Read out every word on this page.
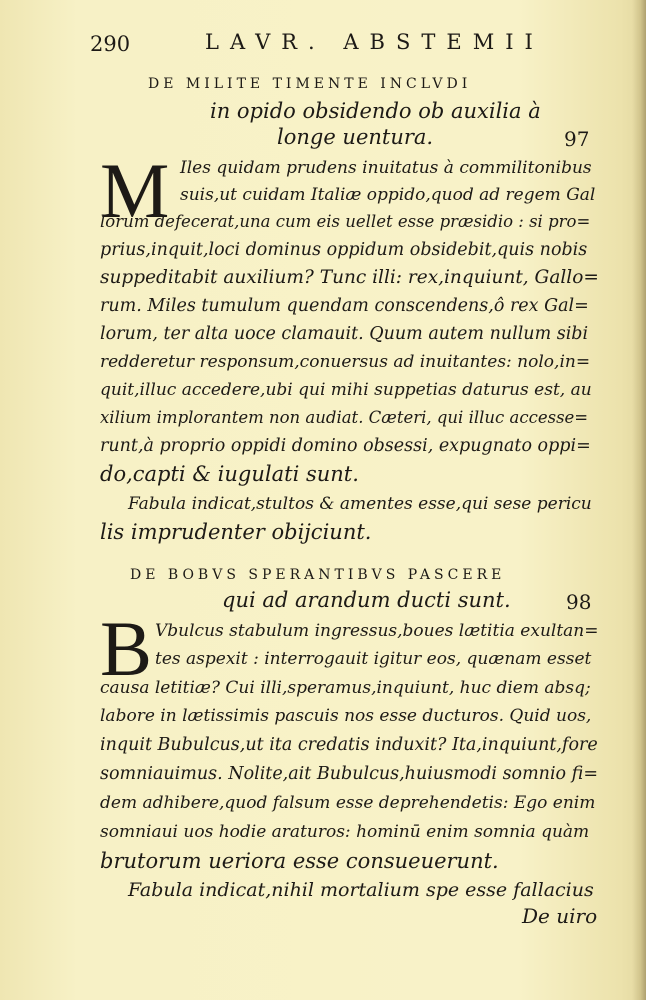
290	LAVR. ABSTEMII
DE MILITE TIMENTE INCLVDI
in opido obsidendo ob auxilia à
longe uentura.	97
M Iles quidam prudens inuitatus à commilitonibus
suis,ut cuidam Italiæ oppido,quod ad regem Gal
lorum defecerat,una cum eis uellet esse præsidio : si pro=
prius,inquit,loci dominus oppidum obsidebit,quis nobis
suppeditabit auxilium? Tunc illi: rex,inquiunt, Gallo=
rum. Miles tumulum quendam conscendens,ô rex Gal=
lorum, ter alta uoce clamauit. Quum autem nullum sibi
redderetur responsum,conuersus ad inuitantes: nolo,in=
quit,illuc accedere,ubi qui mihi suppetias daturus est, au
xilium implorantem non audiat. Cæteri, qui illuc accesse=
runt,à proprio oppidi domino obsessi, expugnato oppi=
do,capti & iugulati sunt.
Fabula indicat,stultos & amentes esse,qui sese pericu
lis imprudenter obijciunt.
DE BOBVS SPERANTIBVS PASCERE
qui ad arandum ducti sunt.	98
B Vbulcus stabulum ingressus,boues lætitia exultan=
tes aspexit : interrogauit igitur eos, quænam esset
causa letitiæ? Cui illi,speramus,inquiunt, huc diem absq;
labore in lætissimis pascuis nos esse ducturos. Quid uos,
inquit Bubulcus,ut ita credatis induxit? Ita,inquiunt,fore
somniauimus. Nolite,ait Bubulcus,huiusmodi somnio fi=
dem adhibere,quod falsum esse deprehendetis: Ego enim
somniaui uos hodie araturos: hominū enim somnia quàm
brutorum ueriora esse consueuerunt.
Fabula indicat,nihil mortalium spe esse fallacius
De uiro
